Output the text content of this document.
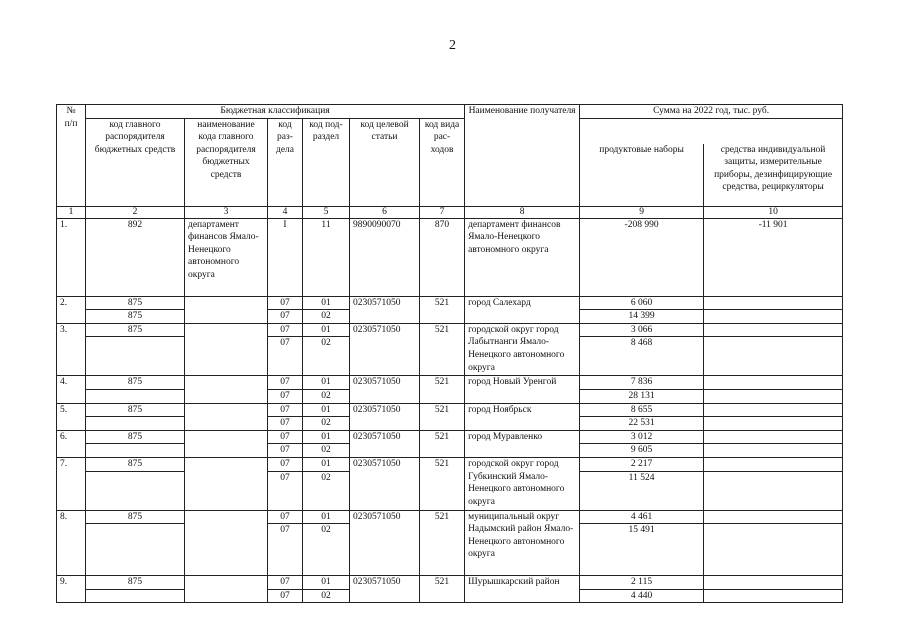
2
№
п/п	Бюджетная классификация						Наименование получателя	Сумма на 2022 год, тыс. руб.	
	код главного распорядителя бюджетных средств	наименование кода главного распорядителя бюджетных средств	код раз-дела	код под-раздел	код целевой статьи	код вида рас-ходов			
								продуктовые наборы	средства индивидуальной защиты, измерительные приборы, дезинфицирующие средства, рециркуляторы
1	2	3	4	5	6	7	8	9	10
1.	892	департамент финансов Ямало-Ненецкого автономного округа	I	11	9890090070	870	департамент финансов Ямало-Ненецкого автономного округа	-208 990	-11 901
2.	875		07	01	0230571050	521	город Салехард	6 060	
	875		07	02				14 399	
3.	875		07	01	0230571050	521	городской округ город Лабытнанги Ямало-Ненецкого автономного округа	3 066	
			07	02				8 468	
4.	875		07	01	0230571050	521	город Новый Уренгой	7 836	
			07	02				28 131	
5.	875		07	01	0230571050	521	город Ноябрьск	8 655	
			07	02				22 531	
6.	875		07	01	0230571050	521	город Муравленко	3 012	
			07	02				9 605	
7.	875		07	01	0230571050	521	городской округ город Губкинский Ямало-Ненецкого автономного округа	2 217	
			07	02				11 524	
8.	875		07	01	0230571050	521	муниципальный округ Надымский район Ямало-Ненецкого автономного округа	4 461	
			07	02				15 491	
9.	875		07	01	0230571050	521	Шурышкарский район	2 115	
			07	02				4 440	
